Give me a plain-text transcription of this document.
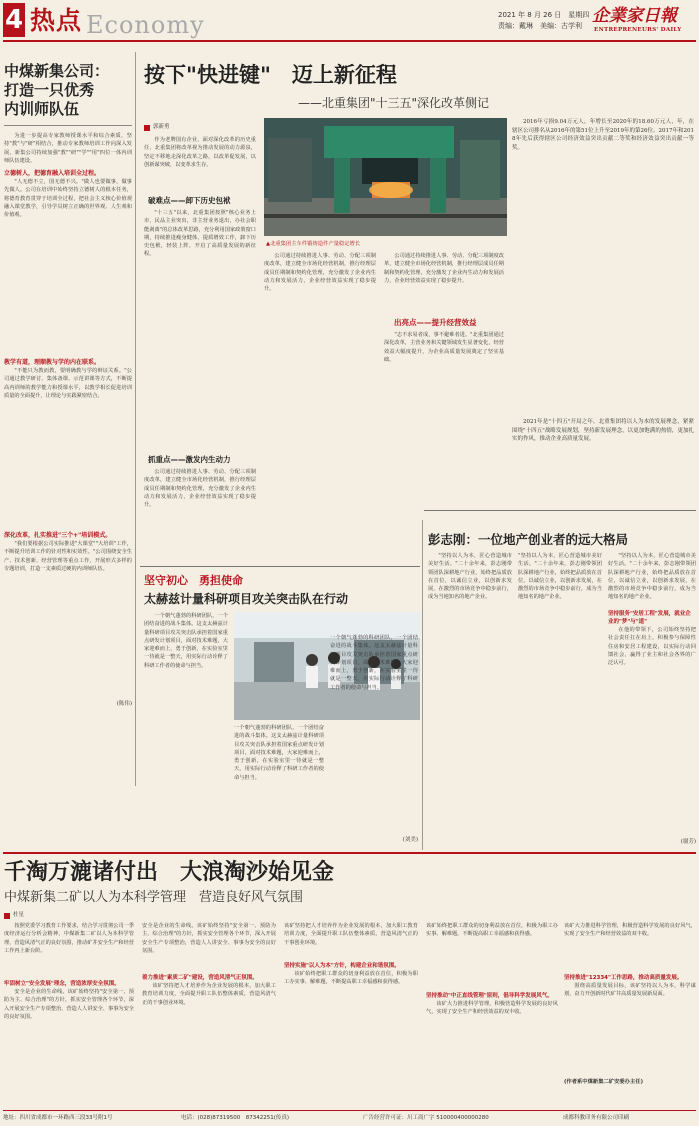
4 热点 Economy	2021 年 8 月 26 日　星期四
责编：戴琳　美编：古学利 企業家日報
ENTREPRENEURS' DAILY
中煤新集公司：
打造一只优秀
内训师队伍
为进一步提高专家教师授课水平和综合素质，坚持"教"与"研"相结合，推动专家教师培训工作向深入发展，新集公司持续加强"教""研""学""用"四位一体内训师队伍建设。
立德树人，把德育融入培训全过程。
"人无德不立，国无德不兴。"做人也要做事，做事先做人。公司在培训中始终坚持立德树人的根本任务，将德育教育贯穿于培训全过程，把社会主义核心价值观融入课堂教学，引导学员树立正确的世界观、人生观和价值观。
教学有道，理顺教与学的内在联系。
"不能只为教而教，要明确教与学的辩证关系。"公司通过教学研讨、集体备课、示范讲课等方式，不断提高内训师的教学能力和授课水平，以教学相长促进培训质量的全面提升，让理论与实践紧密结合。
深化改革，扎实推进"三个+"培训模式。
"我们要根据公司实际推进"大课堂""大培训"工作，不断提升培训工作的针对性和实效性。"公司围绕安全生产、技术创新、经营管理等重点工作，开展形式多样的专题培训，打造一支素质过硬的内训师队伍。
(陈伟)
按下"快进键"　迈上新征程
——北重集团"十三五"深化改革侧记
郭新勇
作为老牌国有企业，面对深化改革的历史重任，北重集团将改革视为推动发展的动力源泉，坚定不移地走深化改革之路，以改革促发展，以创新谋突破，以变革求生存。
破难点——卸下历史包袱
"十三五"以来，北重集团按照"核心业务上市，民品主业突出，非主营业务退出，办社会职能剥离"的总体改革思路，充分利用国家政策窗口期，持续推进瘦身健体，提质增效工作，卸下历史包袱，轻装上阵，开启了高质量发展的新征程。
抓重点——激发内生动力
公司通过持续推进人事、劳动、分配三项制度改革，建立健全市场化经营机制，推行经理层成员任期制和契约化管理，充分激发了企业内生动力和发展活力，企业经营效益实现了稳步提升。
▲北重集团主车件锻铸造件产量稳定增长
公司通过持续推进人事、劳动、分配三项制度改革，建立健全市场化经营机制，推行经理层成员任期制和契约化管理，充分激发了企业内生动力和发展活力，企业经营效益实现了稳步提升。
公司通过持续推进人事、劳动、分配三项制度改革，建立健全市场化经营机制，推行经理层成员任期制和契约化管理，充分激发了企业内生动力和发展活力，企业经营效益实现了稳步提升。
出亮点——提升经营效益
"志不求易者成，事不避难者进。"北重集团通过深化改革，主营业务和关键领域发生显著变化，经营效益大幅度提升，为企业高质量发展奠定了坚实基础。
2016年亏损9.04万元人，年增长至2020年的18.60万元人，年，在辖区公司排名从2016年的第51位上升至2019年的第26位。2017年和2018年先后获得辖区公司经济效益突出贡献二等奖和经济效益突出贡献一等奖。
2021年是"十四五"开局之年。北重集团将以人为本的发展理念，紧紧围绕"十四五"战略发展规划，坚持新发展理念，以更加饱满的热情，更加扎实的作风，推动企业高质量发展。
坚守初心　勇担使命
太赫兹计量科研项目攻关突击队在行动
一个朝气蓬勃的科研团队，一个团结奋进的战斗集体。这支太赫兹计量科研项目攻关突击队承担着国家重点研发计划项目，面对技术难题，大家迎难而上，勇于创新，在实验室里一待就是一整天，用实际行动诠释了科研工作者的使命与担当。
一个朝气蓬勃的科研团队，一个团结奋进的战斗集体。这支太赫兹计量科研项目攻关突击队承担着国家重点研发计划项目，面对技术难题，大家迎难而上，勇于创新，在实验室里一待就是一整天，用实际行动诠释了科研工作者的使命与担当。
一个朝气蓬勃的科研团队，一个团结奋进的战斗集体。这支太赫兹计量科研项目攻关突击队承担着国家重点研发计划项目，面对技术难题，大家迎难而上，勇于创新，在实验室里一待就是一整天，用实际行动诠释了科研工作者的使命与担当。
(刘美)
彭志刚：一位地产创业者的远大格局
"坚持以人为本，匠心营造城市美好生活。"二十余年来，彭志刚带领团队深耕地产行业，始终把品质放在首位，以诚信立业，以创新求发展，在激烈的市场竞争中稳步前行，成为当地知名的地产企业。
"坚持以人为本，匠心营造城市美好生活。"二十余年来，彭志刚带领团队深耕地产行业，始终把品质放在首位，以诚信立业，以创新求发展，在激烈的市场竞争中稳步前行，成为当地知名的地产企业。
"坚持以人为本，匠心营造城市美好生活。"二十余年来，彭志刚带领团队深耕地产行业，始终把品质放在首位，以诚信立业，以创新求发展，在激烈的市场竞争中稳步前行，成为当地知名的地产企业。
坚持服务"安居工程"发展，就业企业的"梦"与"道"
在他的带领下，公司始终坚持把社会责任扛在肩上，积极参与保障性住房和安居工程建设，以实际行动回馈社会，赢得了业主和社会各界的广泛认可。
(谢芳)
千淘万漉诸付出　大浪淘沙始见金
中煤新集二矿以人为本科学管理　营造良好风气氛围
杜星
按照党委学习教育工作要求，结合学习贯彻公司一季度经济运行分析会精神，中煤新集二矿以人为本科学管理，营造风清气正的良好氛围，推动矿井安全生产和经营工作再上新台阶。
牢固树立"安全发展"理念，营造浓厚安全氛围。
安全是企业的生命线。该矿始终坚持"安全第一、预防为主、综合治理"的方针，抓实安全管理各个环节，深入开展安全生产专项整治，营造人人讲安全、事事为安全的良好氛围。
安全是企业的生命线。该矿始终坚持"安全第一、预防为主、综合治理"的方针，抓实安全管理各个环节，深入开展安全生产专项整治，营造人人讲安全、事事为安全的良好氛围。
着力推进"素质二矿"建设，营造风清气正氛围。
该矿坚持把人才培养作为企业发展的根本，加大职工教育培训力度，全面提升职工队伍整体素质，营造风清气正的干事创业环境。
该矿坚持把人才培养作为企业发展的根本，加大职工教育培训力度，全面提升职工队伍整体素质，营造风清气正的干事创业环境。
坚持实施"以人为本"方针，构建企业和谐氛围。
该矿始终把职工群众的切身利益放在首位，积极为职工办实事、解难题，不断提高职工幸福感和获得感。
该矿始终把职工群众的切身利益放在首位，积极为职工办实事、解难题，不断提高职工幸福感和获得感。
坚持推动"中正直线管理"原则，倡导科学发展风气。
该矿大力推进科学管理，积极营造科学发展的良好风气，实现了安全生产和经营效益的双丰收。
该矿大力推进科学管理，积极营造科学发展的良好风气，实现了安全生产和经营效益的双丰收。
坚持推进"12334"工作思路，推动高质量发展。
围绕高质量发展目标，该矿坚持以人为本，科学谋划，奋力开创新时代矿井高质量发展新局面。
(作者系中煤新集二矿安委办主任)
地址：四川省成都市一环路西三段33号附1号	电话：(028)87319500　87342251(传真)	广告经营许可证：川工商广字 510000400000280	成都科教印务有限公司印刷
